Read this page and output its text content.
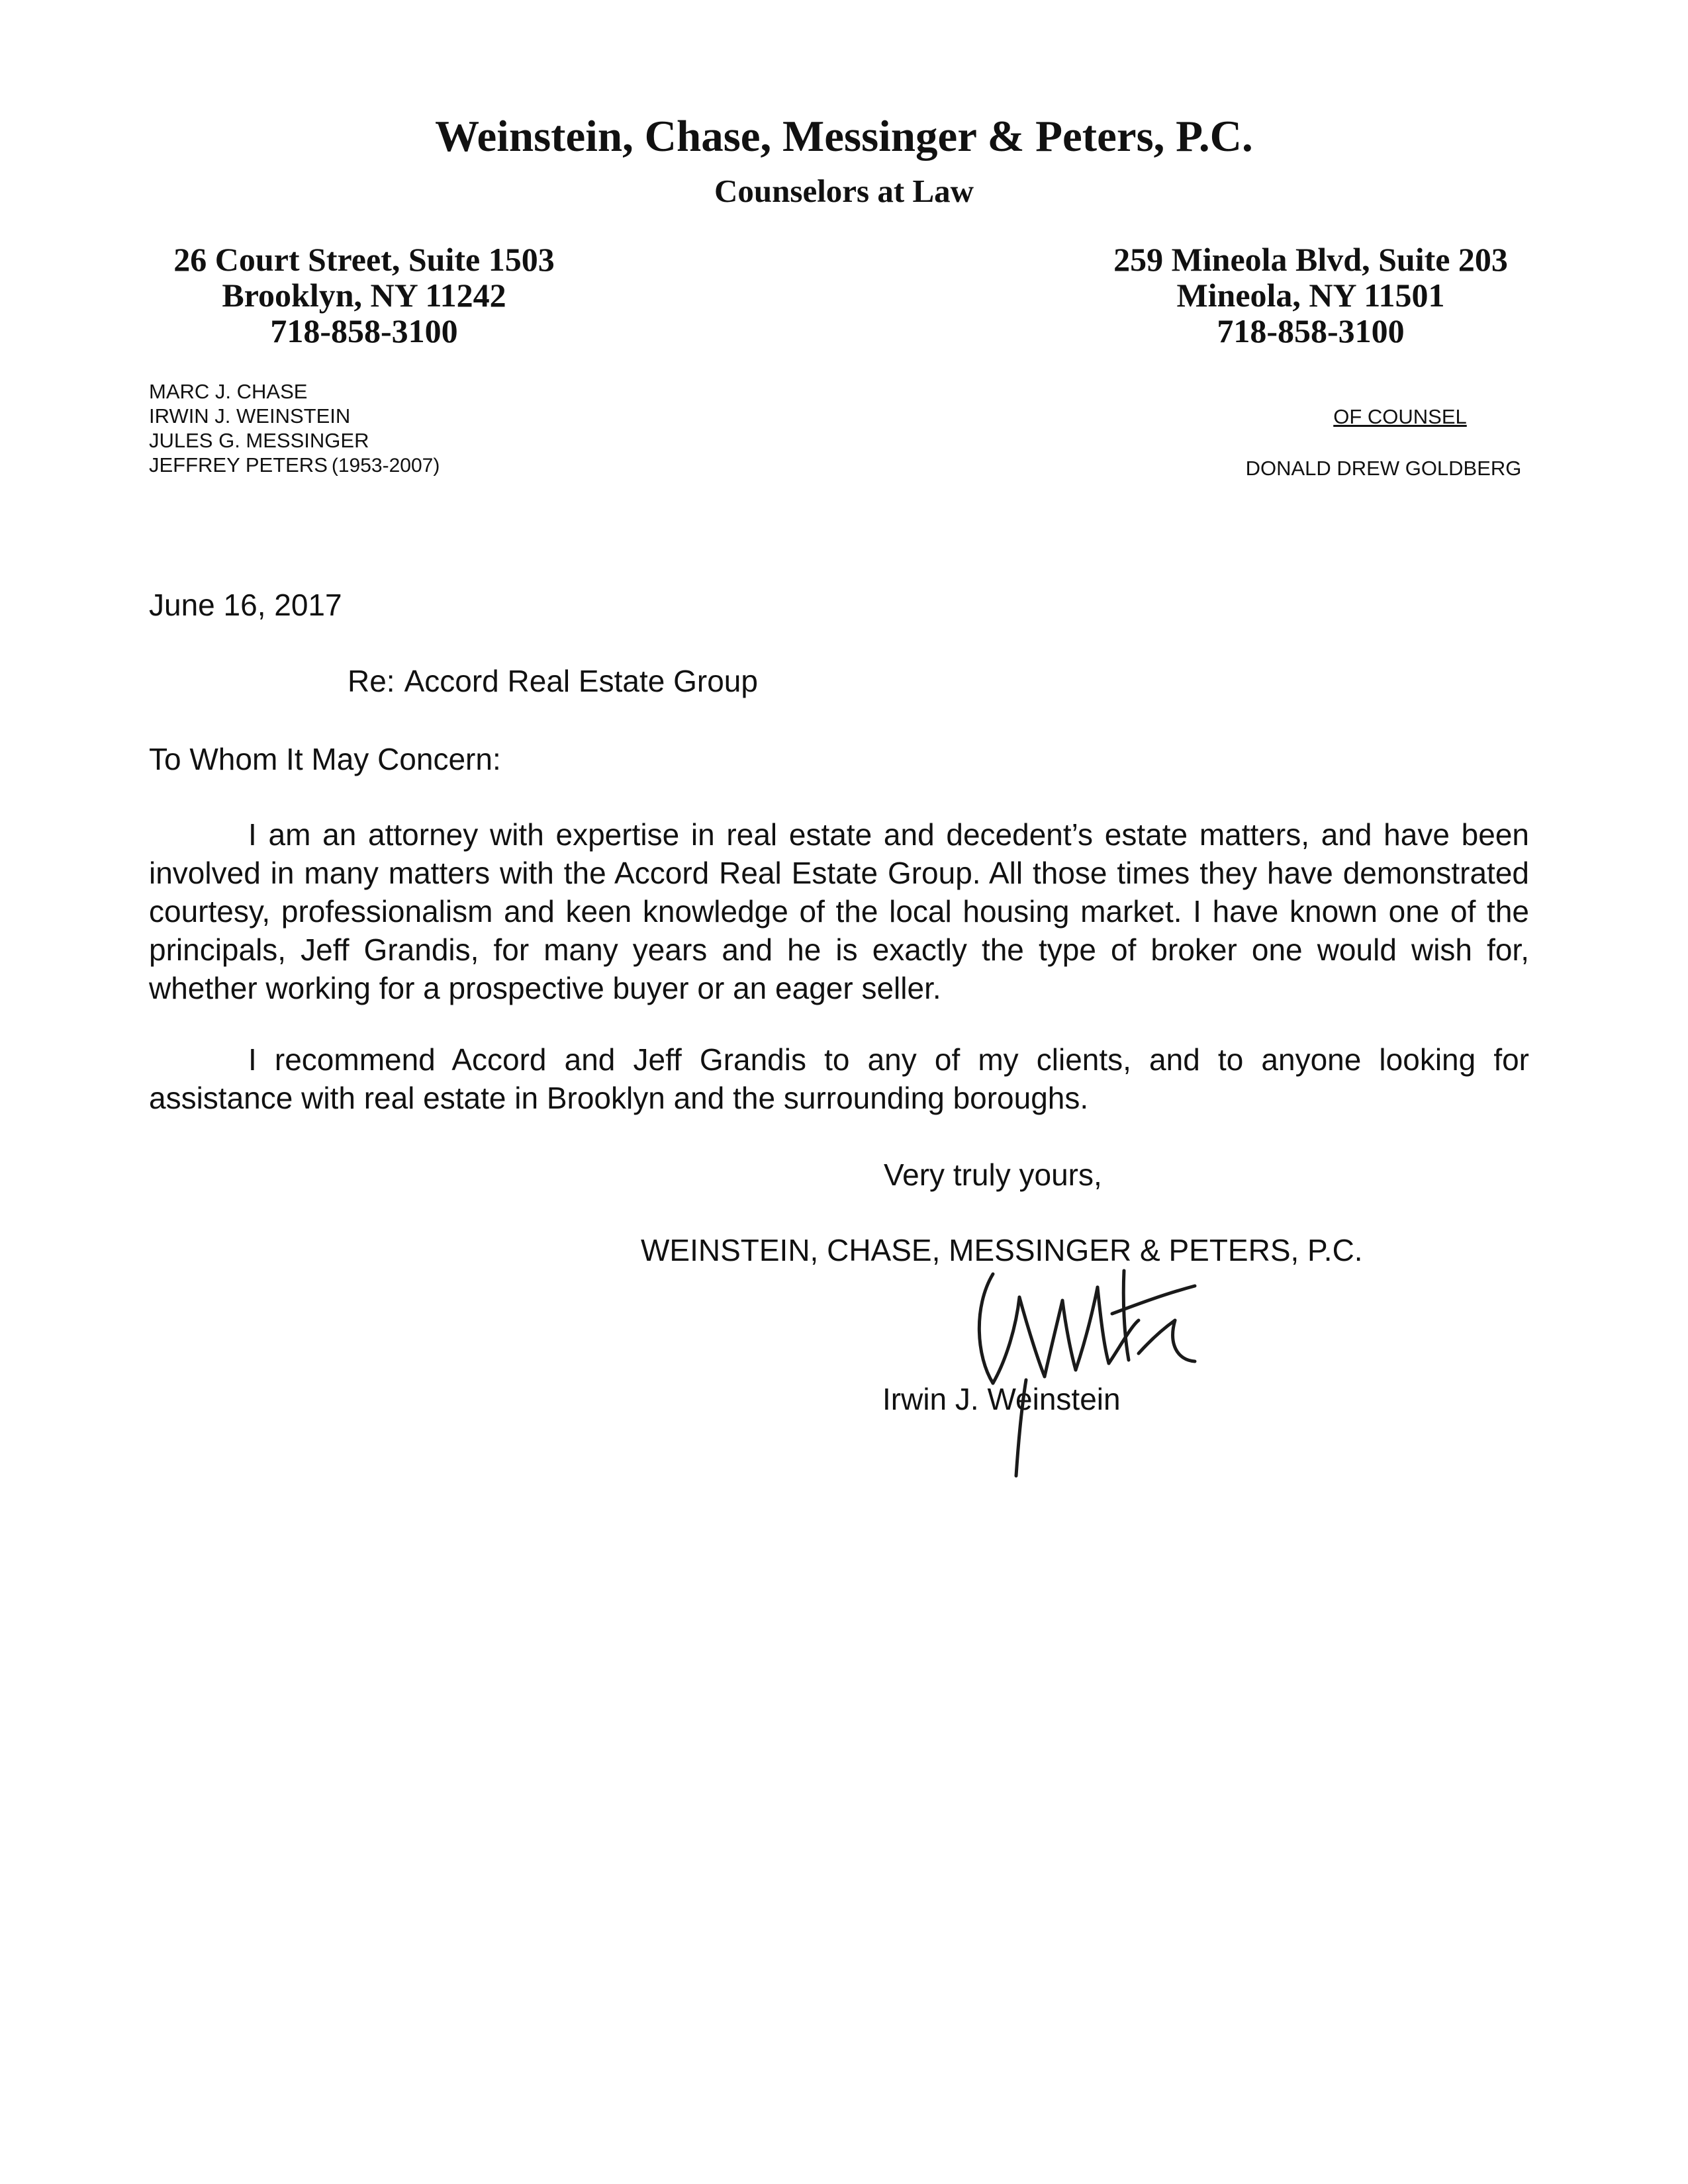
Weinstein, Chase, Messinger & Peters, P.C.
Counselors at Law
26 Court Street, Suite 1503
Brooklyn, NY 11242
718-858-3100
259 Mineola Blvd, Suite 203
Mineola, NY 11501
718-858-3100
MARC J. CHASE
IRWIN J. WEINSTEIN
JULES G. MESSINGER
JEFFREY PETERS (1953-2007)
OF COUNSEL
DONALD DREW GOLDBERG
June 16, 2017
Re: Accord Real Estate Group
To Whom It May Concern:
I am an attorney with expertise in real estate and decedent’s estate matters, and have been involved in many matters with the Accord Real Estate Group. All those times they have demonstrated courtesy, professionalism and keen knowledge of the local housing market. I have known one of the principals, Jeff Grandis, for many years and he is exactly the type of broker one would wish for, whether working for a prospective buyer or an eager seller.
I recommend Accord and Jeff Grandis to any of my clients, and to anyone looking for assistance with real estate in Brooklyn and the surrounding boroughs.
Very truly yours,
WEINSTEIN, CHASE, MESSINGER & PETERS, P.C.
Irwin J. Weinstein
